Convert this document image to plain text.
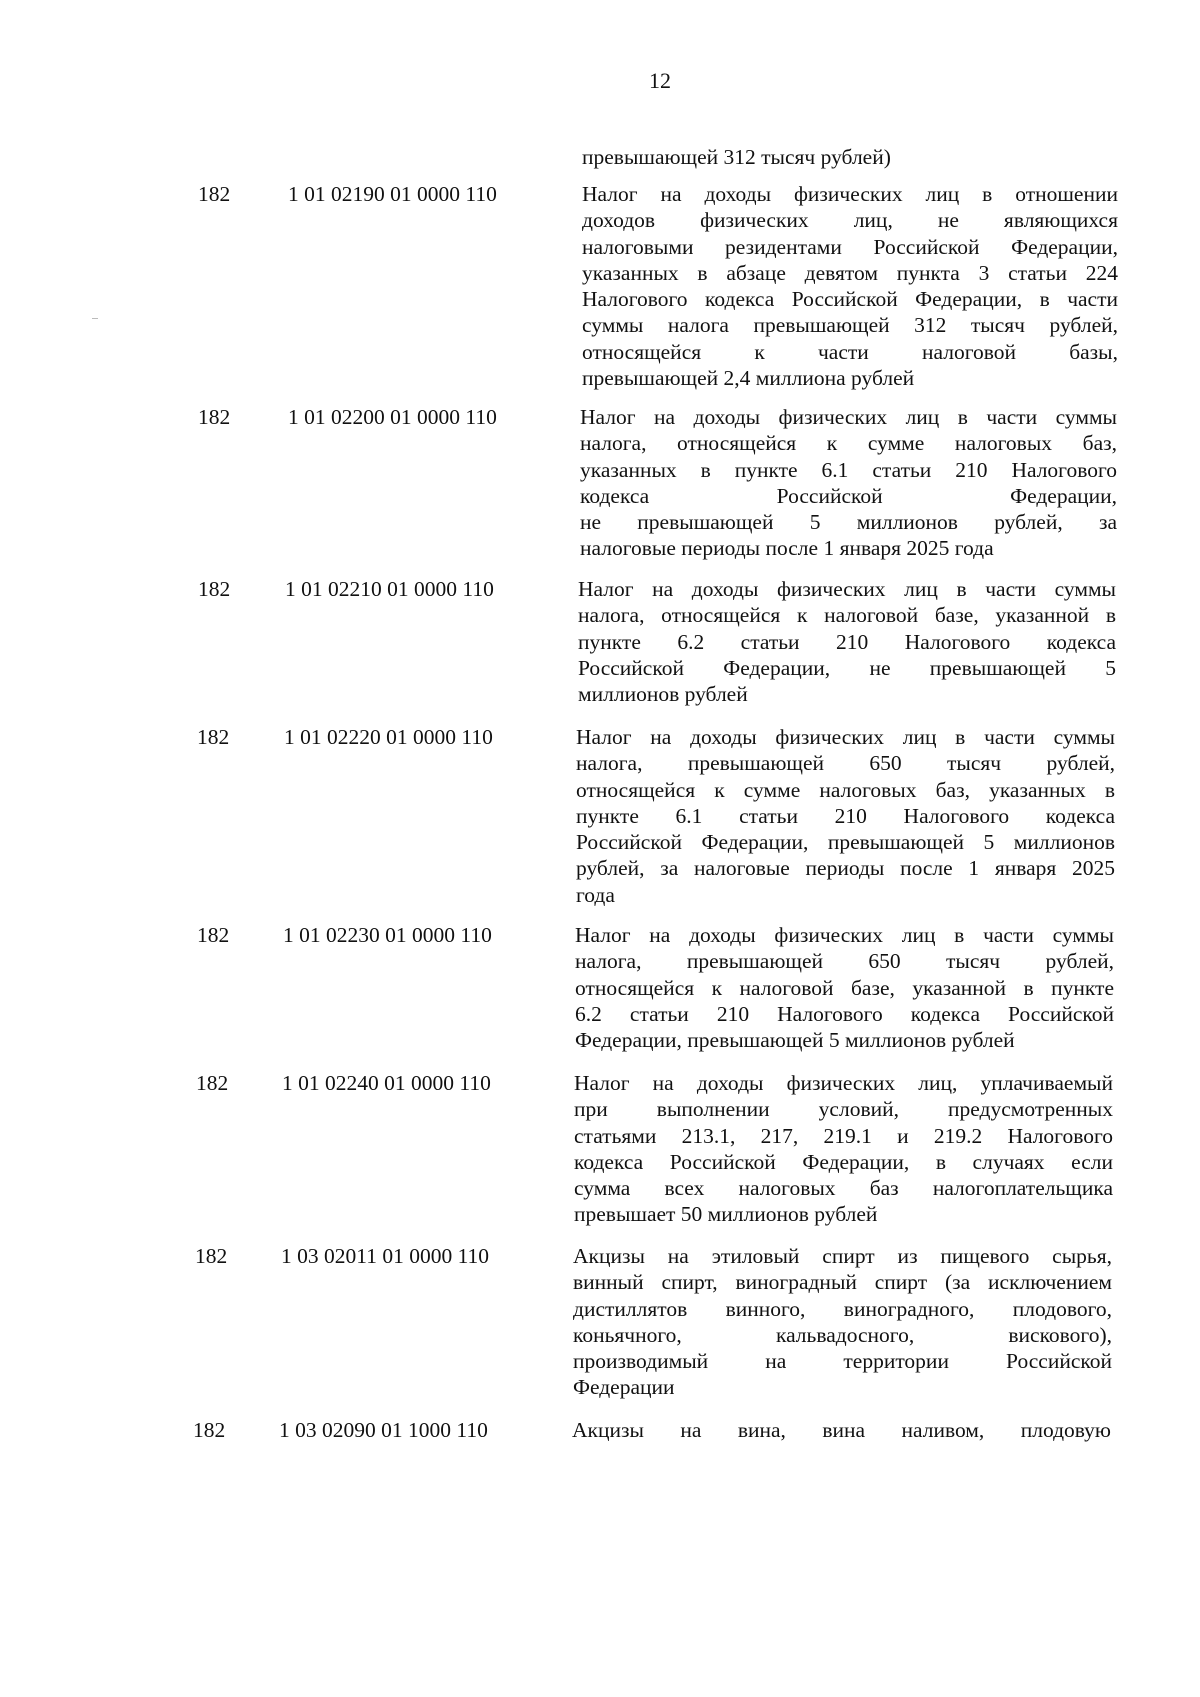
12
превышающей 312 тысяч рублей)
182	1 01 02190 01 0000 110	Налог на доходы физических лиц в отношении
доходов физических лиц, не являющихся
налоговыми резидентами Российской Федерации,
указанных в абзаце девятом пункта 3 статьи 224
Налогового кодекса Российской Федерации, в части
суммы налога превышающей 312 тысяч рублей,
относящейся к части налоговой базы,
превышающей 2,4 миллиона рублей
182	1 01 02200 01 0000 110	Налог на доходы физических лиц в части суммы
налога, относящейся к сумме налоговых баз,
указанных в пункте 6.1 статьи 210 Налогового
кодекса Российской Федерации,
не превышающей 5 миллионов рублей, за
налоговые периоды после 1 января 2025 года
182	1 01 02210 01 0000 110	Налог на доходы физических лиц в части суммы
налога, относящейся к налоговой базе, указанной в
пункте 6.2 статьи 210 Налогового кодекса
Российской Федерации, не превышающей 5
миллионов рублей
182	1 01 02220 01 0000 110	Налог на доходы физических лиц в части суммы
налога, превышающей 650 тысяч рублей,
относящейся к сумме налоговых баз, указанных в
пункте 6.1 статьи 210 Налогового кодекса
Российской Федерации, превышающей 5 миллионов
рублей, за налоговые периоды после 1 января 2025
года
182	1 01 02230 01 0000 110	Налог на доходы физических лиц в части суммы
налога, превышающей 650 тысяч рублей,
относящейся к налоговой базе, указанной в пункте
6.2 статьи 210 Налогового кодекса Российской
Федерации, превышающей 5 миллионов рублей
182	1 01 02240 01 0000 110	Налог на доходы физических лиц, уплачиваемый
при выполнении условий, предусмотренных
статьями 213.1, 217, 219.1 и 219.2 Налогового
кодекса Российской Федерации, в случаях если
сумма всех налоговых баз налогоплательщика
превышает 50 миллионов рублей
182	1 03 02011 01 0000 110	Акцизы на этиловый спирт из пищевого сырья,
винный спирт, виноградный спирт (за исключением
дистиллятов винного, виноградного, плодового,
коньячного, кальвадосного, вискового),
производимый на территории Российской
Федерации
182	1 03 02090 01 1000 110	Акцизы на вина, вина наливом, плодовую
